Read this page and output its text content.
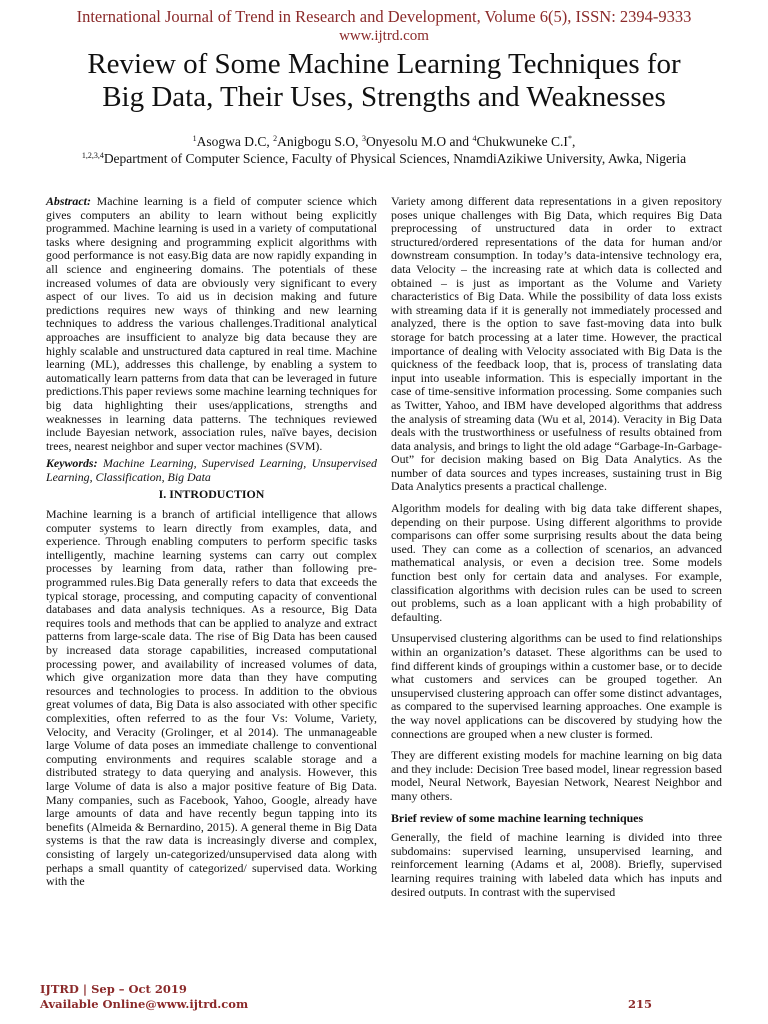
International Journal of Trend in Research and Development, Volume 6(5), ISSN: 2394-9333
www.ijtrd.com
Review of Some Machine Learning Techniques for
Big Data, Their Uses, Strengths and Weaknesses
$^1$Asogwa D.C, $^2$Anigbogu S.O, $^3$Onyesolu M.O and $^4$Chukwuneke C.I*,
$^{1,2,3,4}$Department of Computer Science, Faculty of Physical Sciences, NnamdiAzikiwe University, Awka, Nigeria

Abstract: Machine learning is a field of computer science which gives computers an ability to learn without being explicitly programmed. Machine learning is used in a variety of computational tasks where designing and programming explicit algorithms with good performance is not easy.Big data are now rapidly expanding in all science and engineering domains. The potentials of these increased volumes of data are obviously very significant to every aspect of our lives. To aid us in decision making and future predictions requires new ways of thinking and new learning techniques to address the various challenges.Traditional analytical approaches are insufficient to analyze big data because they are highly scalable and unstructured data captured in real time. Machine learning (ML), addresses this challenge, by enabling a system to automatically learn patterns from data that can be leveraged in future predictions.This paper reviews some machine learning techniques for big data highlighting their uses/applications, strengths and weaknesses in learning data patterns. The techniques reviewed include Bayesian network, association rules, naïve bayes, decision trees, nearest neighbor and super vector machines (SVM).

Keywords: Machine Learning, Supervised Learning, Unsupervised Learning, Classification, Big Data

I. INTRODUCTION

Machine learning is a branch of artificial intelligence that allows computer systems to learn directly from examples, data, and experience. Through enabling computers to perform specific tasks intelligently, machine learning systems can carry out complex processes by learning from data, rather than following pre-programmed rules.Big Data generally refers to data that exceeds the typical storage, processing, and computing capacity of conventional databases and data analysis techniques. As a resource, Big Data requires tools and methods that can be applied to analyze and extract patterns from large-scale data. The rise of Big Data has been caused by increased data storage capabilities, increased computational processing power, and availability of increased volumes of data, which give organization more data than they have computing resources and technologies to process. In addition to the obvious great volumes of data, Big Data is also associated with other specific complexities, often referred to as the four Vs: Volume, Variety, Velocity, and Veracity (Grolinger, et al 2014). The unmanageable large Volume of data poses an immediate challenge to conventional computing environments and requires scalable storage and a distributed strategy to data querying and analysis. However, this large Volume of data is also a major positive feature of Big Data. Many companies, such as Facebook, Yahoo, Google, already have large amounts of data and have recently begun tapping into its benefits (Almeida & Bernardino, 2015). A general theme in Big Data systems is that the raw data is increasingly diverse and complex, consisting of largely un-categorized/unsupervised data along with perhaps a small quantity of categorized/ supervised data. Working with the

Variety among different data representations in a given repository poses unique challenges with Big Data, which requires Big Data preprocessing of unstructured data in order to extract structured/ordered representations of the data for human and/or downstream consumption. In today’s data-intensive technology era, data Velocity – the increasing rate at which data is collected and obtained – is just as important as the Volume and Variety characteristics of Big Data. While the possibility of data loss exists with streaming data if it is generally not immediately processed and analyzed, there is the option to save fast-moving data into bulk storage for batch processing at a later time. However, the practical importance of dealing with Velocity associated with Big Data is the quickness of the feedback loop, that is, process of translating data input into useable information. This is especially important in the case of time-sensitive information processing. Some companies such as Twitter, Yahoo, and IBM have developed algorithms that address the analysis of streaming data (Wu et al, 2014). Veracity in Big Data deals with the trustworthiness or usefulness of results obtained from data analysis, and brings to light the old adage “Garbage-In-Garbage-Out” for decision making based on Big Data Analytics. As the number of data sources and types increases, sustaining trust in Big Data Analytics presents a practical challenge.

Algorithm models for dealing with big data take different shapes, depending on their purpose. Using different algorithms to provide comparisons can offer some surprising results about the data being used. They can come as a collection of scenarios, an advanced mathematical analysis, or even a decision tree. Some models function best only for certain data and analyses. For example, classification algorithms with decision rules can be used to screen out problems, such as a loan applicant with a high probability of defaulting.

Unsupervised clustering algorithms can be used to find relationships within an organization’s dataset. These algorithms can be used to find different kinds of groupings within a customer base, or to decide what customers and services can be grouped together. An unsupervised clustering approach can offer some distinct advantages, as compared to the supervised learning approaches. One example is the way novel applications can be discovered by studying how the connections are grouped when a new cluster is formed.

They are different existing models for machine learning on big data and they include: Decision Tree based model, linear regression based model, Neural Network, Bayesian Network, Nearest Neighbor and many others.

Brief review of some machine learning techniques

Generally, the field of machine learning is divided into three subdomains: supervised learning, unsupervised learning, and reinforcement learning (Adams et al, 2008). Briefly, supervised learning requires training with labeled data which has inputs and desired outputs. In contrast with the supervised

IJTRD | Sep – Oct 2019
Available Online@www.ijtrd.com	215
